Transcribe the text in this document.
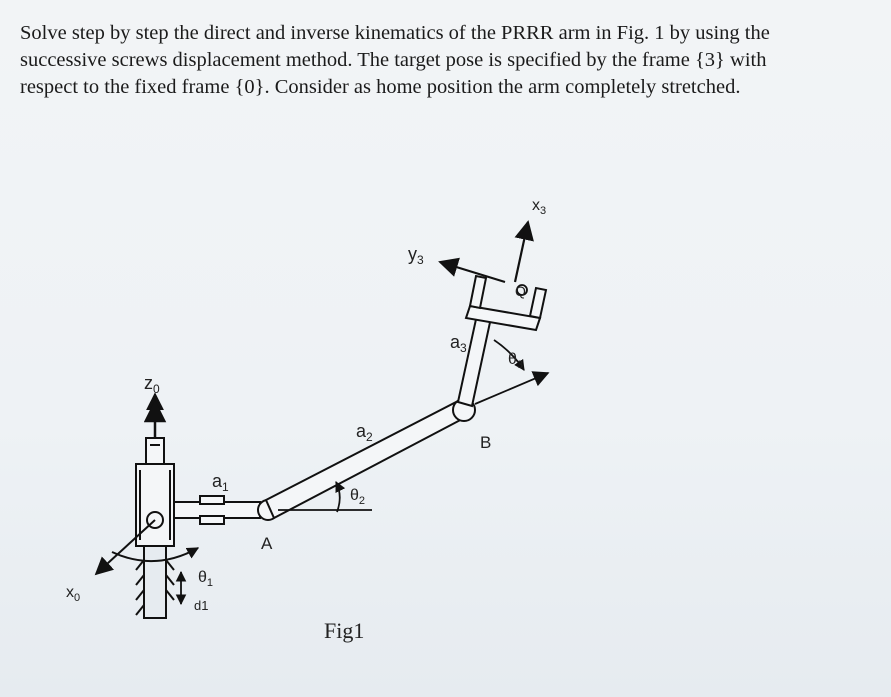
Solve step by step the direct and inverse kinematics of the PRRR arm in Fig. 1 by using the
successive screws displacement method. The target pose is specified by the frame {3} with
respect to the fixed frame {0}. Consider as home position the arm completely stretched.
$z_0$
$x_0$
$a_1$
$\theta_1$
d1
A
$a_2$
$\theta_2$
$a_3$
$\theta_3$
B
$y_3$
$x_3$
Q
Fig1
